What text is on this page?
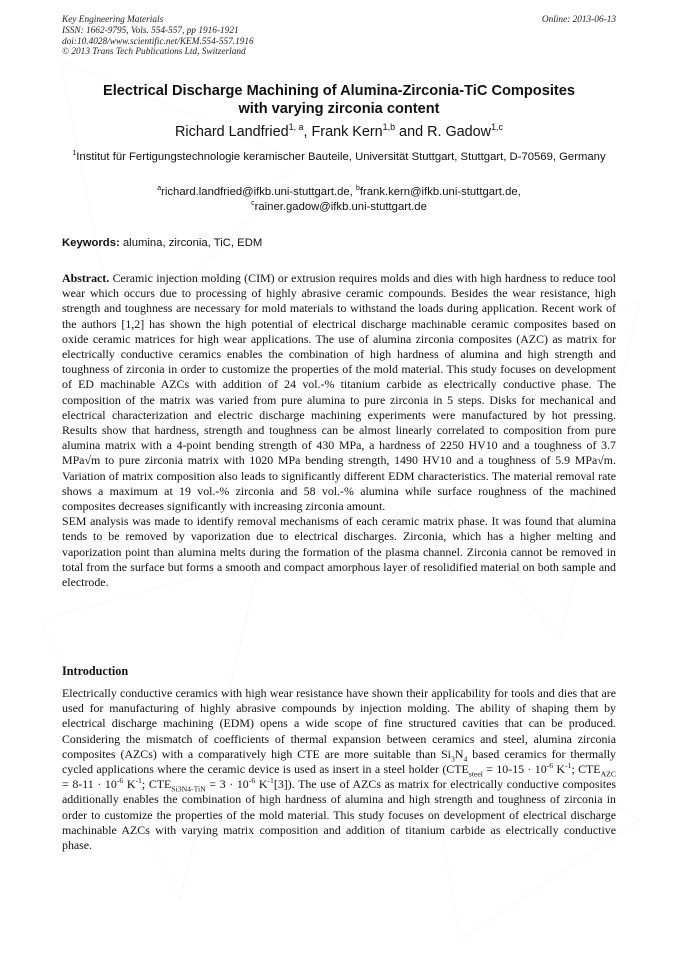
Key Engineering Materials
ISSN: 1662-9795, Vols. 554-557, pp 1916-1921
doi:10.4028/www.scientific.net/KEM.554-557.1916
© 2013 Trans Tech Publications Ltd, Switzerland
Online: 2013-06-13
Electrical Discharge Machining of Alumina-Zirconia-TiC Composites
with varying zirconia content
Richard Landfried$^{1, a}$, Frank Kern$^{1,b}$ and R. Gadow$^{1,c}$
$^1$Institut für Fertigungstechnologie keramischer Bauteile, Universität Stuttgart, Stuttgart, D-70569, Germany
$^a$richard.landfried@ifkb.uni-stuttgart.de, $^b$frank.kern@ifkb.uni-stuttgart.de,
$^c$rainer.gadow@ifkb.uni-stuttgart.de
Keywords: alumina, zirconia, TiC, EDM

Abstract. Ceramic injection molding (CIM) or extrusion requires molds and dies with high hardness to reduce tool wear which occurs due to processing of highly abrasive ceramic compounds. Besides the wear resistance, high strength and toughness are necessary for mold materials to withstand the loads during application. Recent work of the authors [1,2] has shown the high potential of electrical discharge machinable ceramic composites based on oxide ceramic matrices for high wear applications. The use of alumina zirconia composites (AZC) as matrix for electrically conductive ceramics enables the combination of high hardness of alumina and high strength and toughness of zirconia in order to customize the properties of the mold material. This study focuses on development of ED machinable AZCs with addition of 24 vol.-% titanium carbide as electrically conductive phase. The composition of the matrix was varied from pure alumina to pure zirconia in 5 steps. Disks for mechanical and electrical characterization and electric discharge machining experiments were manufactured by hot pressing. Results show that hardness, strength and toughness can be almost linearly correlated to composition from pure alumina matrix with a 4-point bending strength of 430 MPa, a hardness of 2250 HV10 and a toughness of 3.7 MPa√m to pure zirconia matrix with 1020 MPa bending strength, 1490 HV10 and a toughness of 5.9 MPa√m. Variation of matrix composition also leads to significantly different EDM characteristics. The material removal rate shows a maximum at 19 vol.-% zirconia and 58 vol.-% alumina while surface roughness of the machined composites decreases significantly with increasing zirconia amount.

SEM analysis was made to identify removal mechanisms of each ceramic matrix phase. It was found that alumina tends to be removed by vaporization due to electrical discharges. Zirconia, which has a higher melting and vaporization point than alumina melts during the formation of the plasma channel. Zirconia cannot be removed in total from the surface but forms a smooth and compact amorphous layer of resolidified material on both sample and electrode.

Introduction

Electrically conductive ceramics with high wear resistance have shown their applicability for tools and dies that are used for manufacturing of highly abrasive compounds by injection molding. The ability of shaping them by electrical discharge machining (EDM) opens a wide scope of fine structured cavities that can be produced. Considering the mismatch of coefficients of thermal expansion between ceramics and steel, alumina zirconia composites (AZCs) with a comparatively high CTE are more suitable than $Si_3N_4$ based ceramics for thermally cycled applications where the ceramic device is used as insert in a steel holder ($CTE_{steel} = 10-15 \cdot 10^{-6}$ $K^{-1}$; $CTE_{AZC} = 8-11 \cdot 10^{-6}$ $K^{-1}$; $CTE_{Si3N4-TiN} = 3 \cdot 10^{-6}$ $K^{-1}[3]$). The use of AZCs as matrix for electrically conductive composites additionally enables the combination of high hardness of alumina and high strength and toughness of zirconia in order to customize the properties of the mold material. This study focuses on development of electrical discharge machinable AZCs with varying matrix composition and addition of titanium carbide as electrically conductive phase.
